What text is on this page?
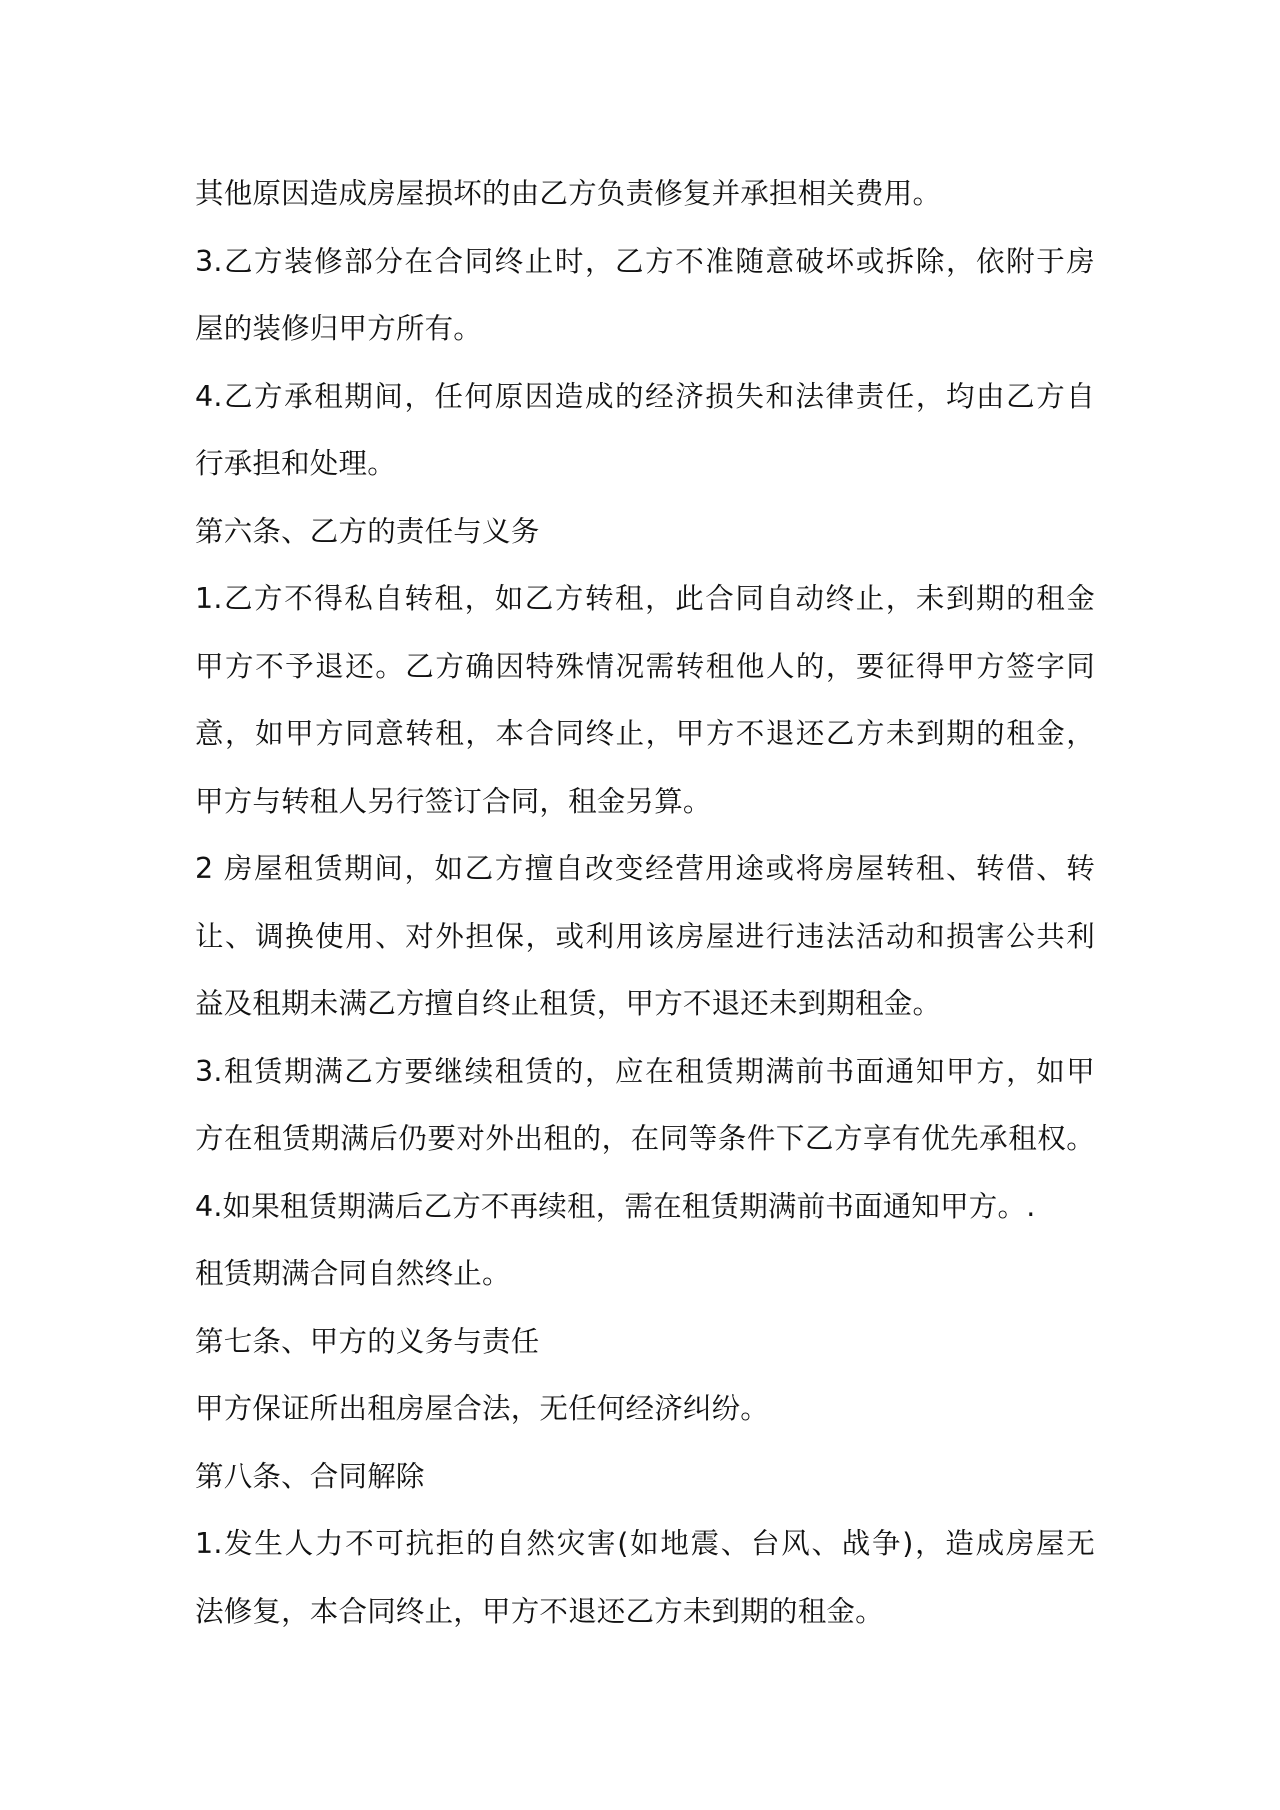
其他原因造成房屋损坏的由乙方负责修复并承担相关费用。
3.乙方装修部分在合同终止时，乙方不准随意破坏或拆除，依附于房
屋的装修归甲方所有。
4.乙方承租期间，任何原因造成的经济损失和法律责任，均由乙方自
行承担和处理。
第六条、乙方的责任与义务
1.乙方不得私自转租，如乙方转租，此合同自动终止，未到期的租金
甲方不予退还。乙方确因特殊情况需转租他人的，要征得甲方签字同
意，如甲方同意转租，本合同终止，甲方不退还乙方未到期的租金，
甲方与转租人另行签订合同，租金另算。
2 房屋租赁期间，如乙方擅自改变经营用途或将房屋转租、转借、转
让、调换使用、对外担保，或利用该房屋进行违法活动和损害公共利
益及租期未满乙方擅自终止租赁，甲方不退还未到期租金。
3.租赁期满乙方要继续租赁的，应在租赁期满前书面通知甲方，如甲
方在租赁期满后仍要对外出租的，在同等条件下乙方享有优先承租权。
4.如果租赁期满后乙方不再续租，需在租赁期满前书面通知甲方。.
租赁期满合同自然终止。
第七条、甲方的义务与责任
甲方保证所出租房屋合法，无任何经济纠纷。
第八条、合同解除
1.发生人力不可抗拒的自然灾害(如地震、台风、战争)，造成房屋无
法修复，本合同终止，甲方不退还乙方未到期的租金。
